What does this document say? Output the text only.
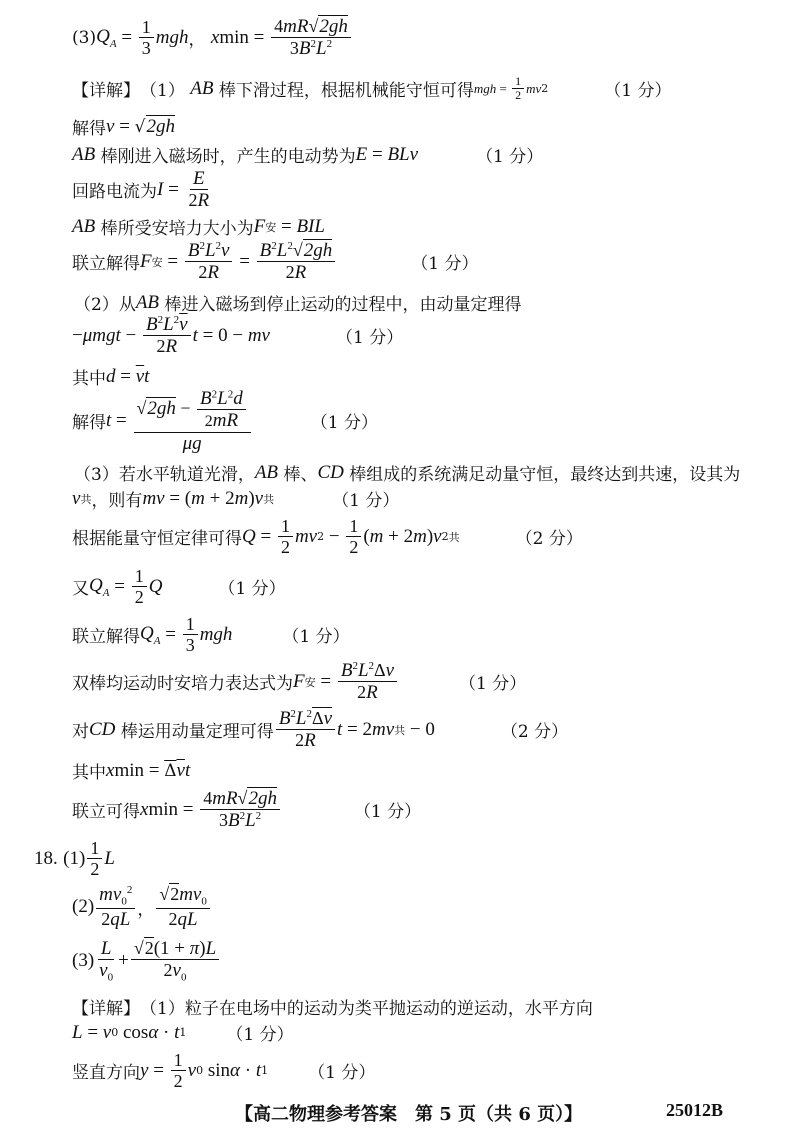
(3) $Q_A = \frac{1}{3}$ mgh ， x $\min = \frac{4mR√2gh}{3B^2L^2}$
【详解】 （1）
AB
棒下滑过程，根据机械能守恒可得 mgh = $\frac{1}{2}$ mv 2	（1 分）
解得 v = √ 2gh
AB
棒刚进入磁场时，产生的电动势为 E = BLv	（1 分）
回路电流为 $I = \frac{E}{2R}$
AB
棒所受安培力大小为 F 安 = BIL
联立解得 F 安 = $\frac{B^2L^2v}{2R} = \frac{B^2L^2√2gh}{2R}$	（1 分）
（2）从 AB
棒进入磁场到停止运动的过程中，由动量定理得
− $\mu mgt - \frac{B^2L^2\overline{v}}{2R}$ t = 0 − mv	（1 分）
其中 $d = \overline{v}$ t
解得 $t = \frac{√2gh - \frac{B^2L^2d}{2mR}}{\mu g}$	（1 分）
（3）若水平轨道光滑， AB
棒、 CD
棒组成的系统满足动量守恒，最终达到共速，设其为
v 共 ，则有 mv = ( m + 2 m ) v 共	（1 分）
根据能量守恒定律可得 $Q = \frac{1}{2}$ mv $2 - \frac{1}{2}$ ( m + 2 m ) v 2 共	（2 分）
又 $Q_A = \frac{1}{2}$ Q	（1 分）
联立解得 $Q_A = \frac{1}{3}$ mgh	（1 分）
双棒均运动时安培力表达式为 F 安 = $\frac{B^2L^2\Delta v}{2R}$	（1 分）
对 CD
棒运用动量定理可得
$B^2L^2\Delta v$
2R
t = 2 mv 共 − 0	（2 分）
其中 x min = Δv t
联立可得 x $\min = \frac{4mR√2gh}{3B^2L^2}$	（1 分）
18.
(1) 1
2
L
(2)
$mv_0^2$
2qL ，
$√2mv_0$
2qL
(3)
L
$v_0$
+ $\frac{√2(1 + \pi)L}{2v_0}$
【详解】 （1）粒子在电场中的运动为类平抛运动的逆运动，水平方向
L = v 0 cos α · t 1 （1 分）
竖直方向 $y = \frac{1}{2}$ v 0 sin α · t 1 （1 分）
【高二物理参考答案　第 5 页（共 6 页）】	25012B
